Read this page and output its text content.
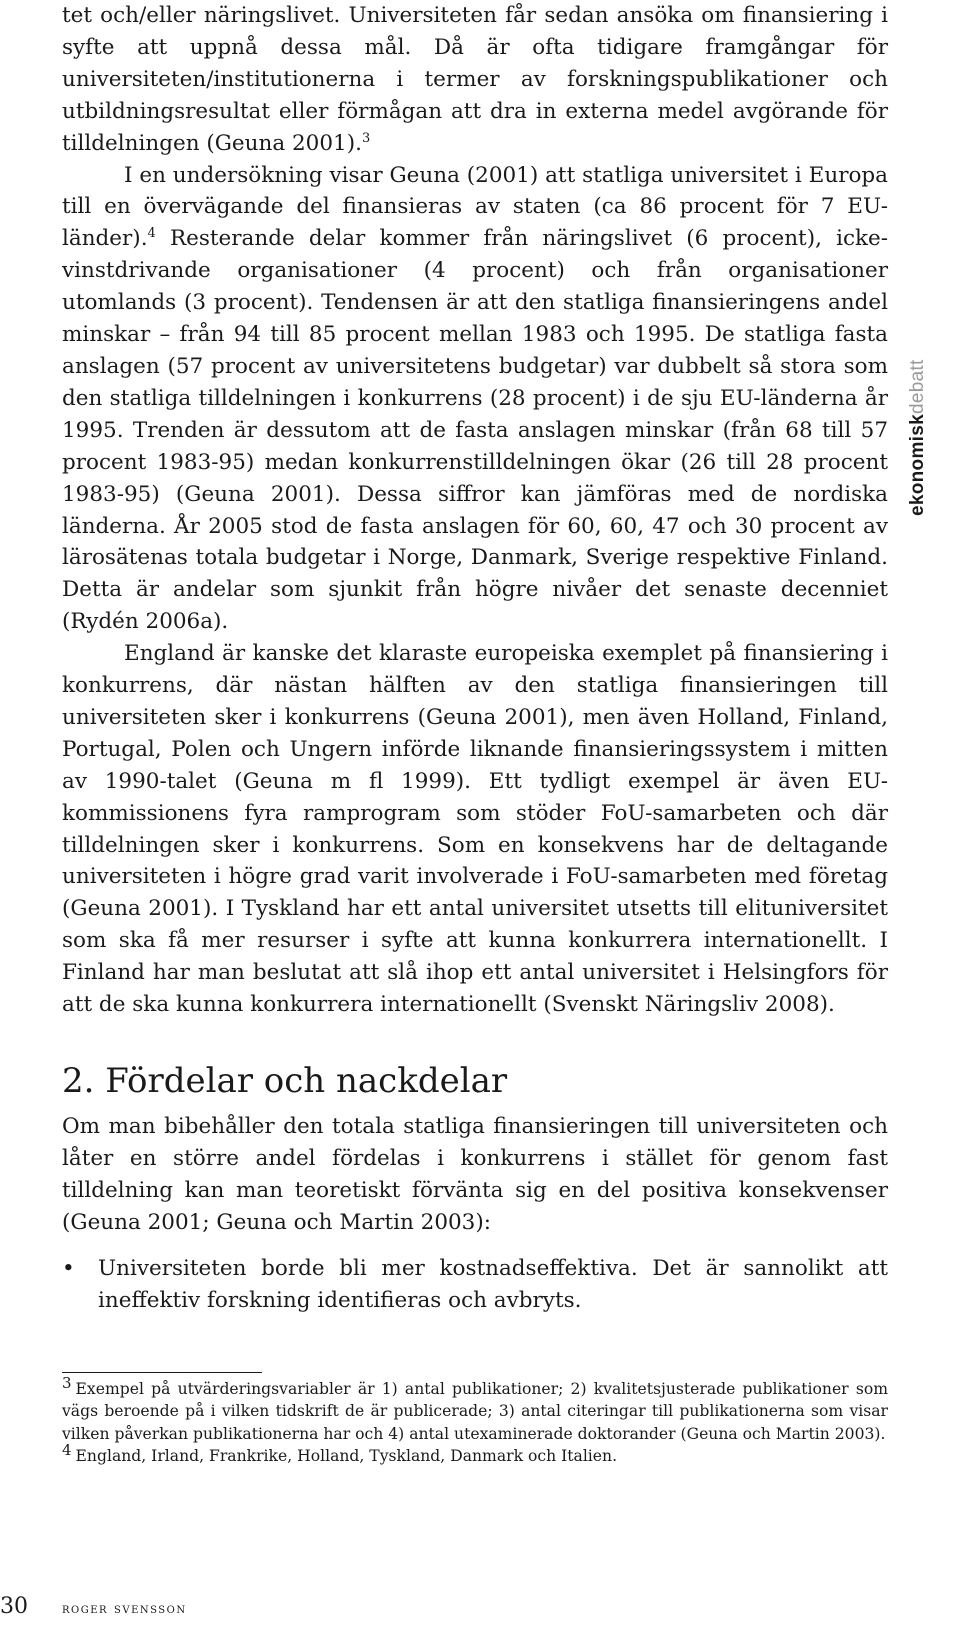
tet och/eller näringslivet. Universiteten får sedan ansöka om finansiering i syfte att uppnå dessa mål. Då är ofta tidigare framgångar för universiteten/institutionerna i termer av forskningspublikationer och utbildningsresultat eller förmågan att dra in externa medel avgörande för tilldelningen (Geuna 2001).$^3$

I en undersökning visar Geuna (2001) att statliga universitet i Europa till en övervägande del finansieras av staten (ca 86 procent för 7 EU-länder).$^4$ Resterande delar kommer från näringslivet (6 procent), icke-vinstdrivande organisationer (4 procent) och från organisationer utomlands (3 procent). Tendensen är att den statliga finansieringens andel minskar – från 94 till 85 procent mellan 1983 och 1995. De statliga fasta anslagen (57 procent av universitetens budgetar) var dubbelt så stora som den statliga tilldelningen i konkurrens (28 procent) i de sju EU-länderna år 1995. Trenden är dessutom att de fasta anslagen minskar (från 68 till 57 procent 1983-95) medan konkurrenstilldelningen ökar (26 till 28 procent 1983-95) (Geuna 2001). Dessa siffror kan jämföras med de nordiska länderna. År 2005 stod de fasta anslagen för 60, 60, 47 och 30 procent av lärosätenas totala budgetar i Norge, Danmark, Sverige respektive Finland. Detta är andelar som sjunkit från högre nivåer det senaste decenniet (Rydén 2006a).

England är kanske det klaraste europeiska exemplet på finansiering i konkurrens, där nästan hälften av den statliga finansieringen till universiteten sker i konkurrens (Geuna 2001), men även Holland, Finland, Portugal, Polen och Ungern införde liknande finansieringssystem i mitten av 1990-talet (Geuna m fl 1999). Ett tydligt exempel är även EU-kommissionens fyra ramprogram som stöder FoU-samarbeten och där tilldelningen sker i konkurrens. Som en konsekvens har de deltagande universiteten i högre grad varit involverade i FoU-samarbeten med företag (Geuna 2001). I Tyskland har ett antal universitet utsetts till elituniversitet som ska få mer resurser i syfte att kunna konkurrera internationellt. I Finland har man beslutat att slå ihop ett antal universitet i Helsingfors för att de ska kunna konkurrera internationellt (Svenskt Näringsliv 2008).

2. Fördelar och nackdelar

Om man bibehåller den totala statliga finansieringen till universiteten och låter en större andel fördelas i konkurrens i stället för genom fast tilldelning kan man teoretiskt förvänta sig en del positiva konsekvenser (Geuna 2001; Geuna och Martin 2003):

• Universiteten borde bli mer kostnadseffektiva. Det är sannolikt att ineffektiv forskning identifieras och avbryts.
ekonomiskdebatt

3 Exempel på utvärderingsvariabler är 1) antal publikationer; 2) kvalitetsjusterade publikationer som vägs beroende på i vilken tidskrift de är publicerade; 3) antal citeringar till publikationerna som visar vilken påverkan publikationerna har och 4) antal utexaminerade doktorander (Geuna och Martin 2003).

4 England, Irland, Frankrike, Holland, Tyskland, Danmark och Italien.

30 roger svensson
